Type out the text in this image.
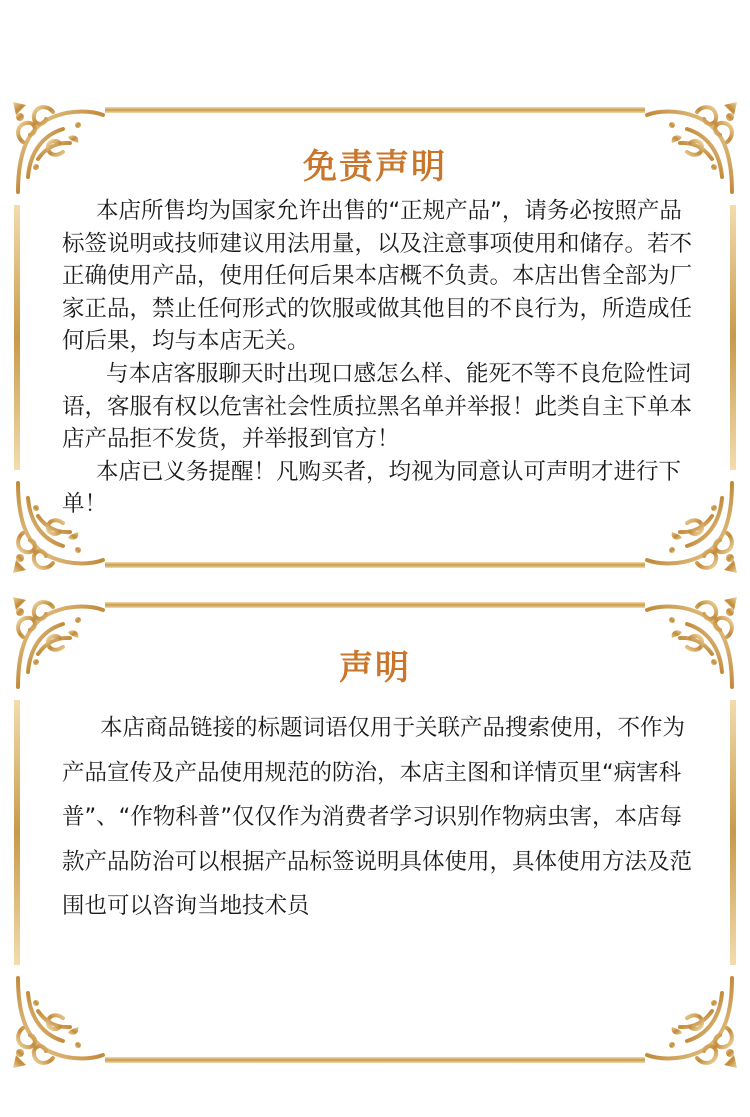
免责声明

本店所售均为国家允许出售的“正规产品”，请务必按照产品标签说明或技师建议用法用量，以及注意事项使用和储存。若不正确使用产品，使用任何后果本店概不负责。本店出售全部为厂家正品，禁止任何形式的饮服或做其他目的不良行为，所造成任何后果，均与本店无关。

与本店客服聊天时出现口感怎么样、能死不等不良危险性词语，客服有权以危害社会性质拉黑名单并举报！此类自主下单本店产品拒不发货，并举报到官方！

本店已义务提醒！凡购买者，均视为同意认可声明才进行下单！

声明

本店商品链接的标题词语仅用于关联产品搜索使用，不作为产品宣传及产品使用规范的防治，本店主图和详情页里“病害科普”、“作物科普”仅仅作为消费者学习识别作物病虫害，本店每款产品防治可以根据产品标签说明具体使用，具体使用方法及范围也可以咨询当地技术员
